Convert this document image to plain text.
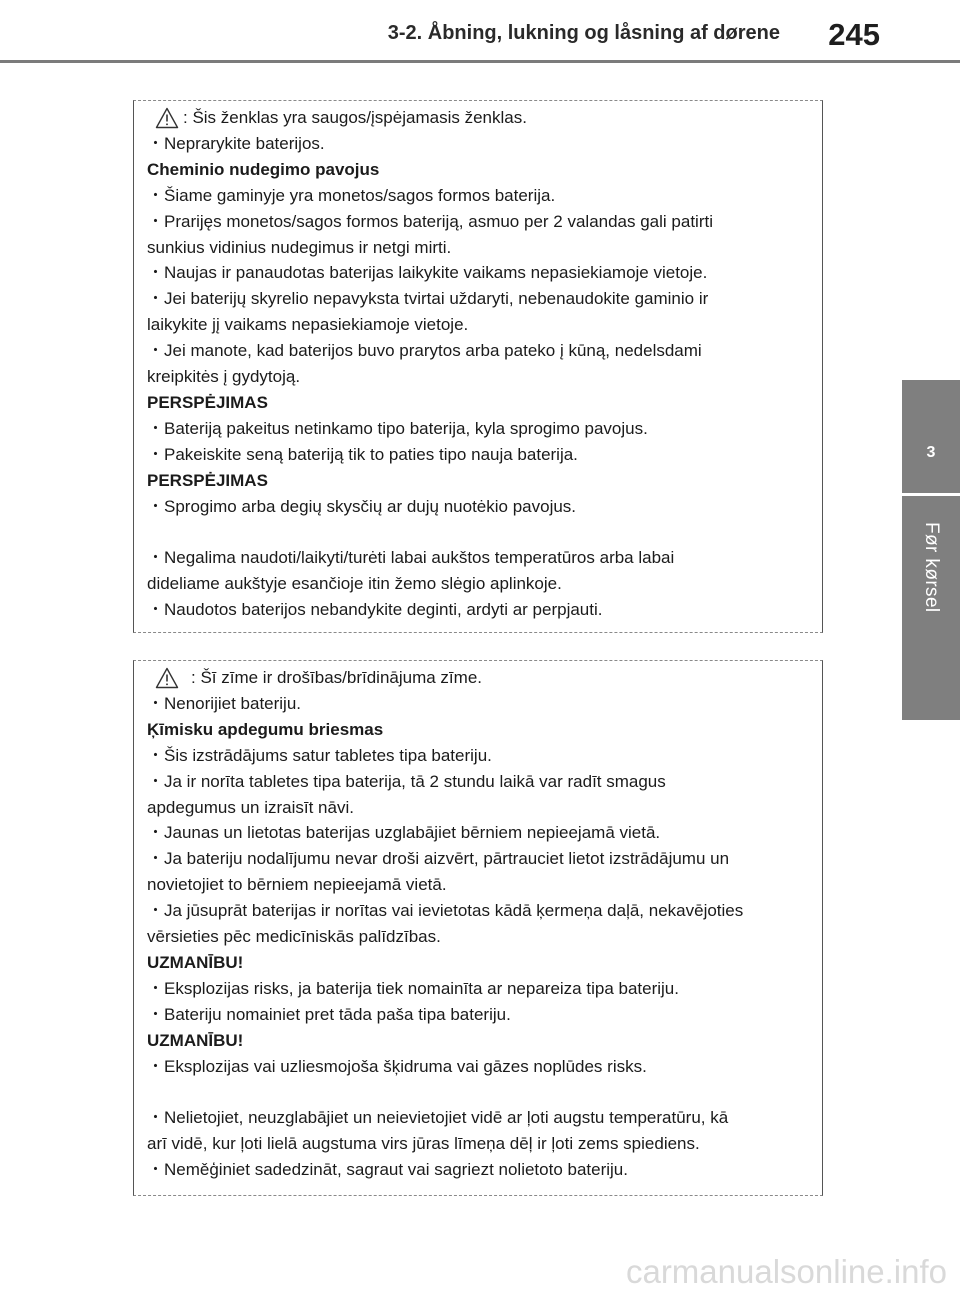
3-2. Åbning, lukning og låsning af dørene 245
3
Før kørsel
: Šis ženklas yra saugos/įspėjamasis ženklas.
・Neprarykite baterijos.
Cheminio nudegimo pavojus
・Šiame gaminyje yra monetos/sagos formos baterija.
・Prarijęs monetos/sagos formos bateriją, asmuo per 2 valandas gali patirti
sunkius vidinius nudegimus ir netgi mirti.
・Naujas ir panaudotas baterijas laikykite vaikams nepasiekiamoje vietoje.
・Jei baterijų skyrelio nepavyksta tvirtai uždaryti, nebenaudokite gaminio ir
laikykite jį vaikams nepasiekiamoje vietoje.
・Jei manote, kad baterijos buvo prarytos arba pateko į kūną, nedelsdami
kreipkitės į gydytoją.
PERSPĖJIMAS
・Bateriją pakeitus netinkamo tipo baterija, kyla sprogimo pavojus.
・Pakeiskite seną bateriją tik to paties tipo nauja baterija.
PERSPĖJIMAS
・Sprogimo arba degių skysčių ar dujų nuotėkio pavojus.
・Negalima naudoti/laikyti/turėti labai aukštos temperatūros arba labai
dideliame aukštyje esančioje itin žemo slėgio aplinkoje.
・Naudotos baterijos nebandykite deginti, ardyti ar perpjauti.
: Šī zīme ir drošības/brīdinājuma zīme.
・Nenorijiet bateriju.
Ķīmisku apdegumu briesmas
・Šis izstrādājums satur tabletes tipa bateriju.
・Ja ir norīta tabletes tipa baterija, tā 2 stundu laikā var radīt smagus
apdegumus un izraisīt nāvi.
・Jaunas un lietotas baterijas uzglabājiet bērniem nepieejamā vietā.
・Ja bateriju nodalījumu nevar droši aizvērt, pārtrauciet lietot izstrādājumu un
novietojiet to bērniem nepieejamā vietā.
・Ja jūsuprāt baterijas ir norītas vai ievietotas kādā ķermeņa daļā, nekavējoties
vērsieties pēc medicīniskās palīdzības.
UZMANĪBU!
・Eksplozijas risks, ja baterija tiek nomainīta ar nepareiza tipa bateriju.
・Bateriju nomainiet pret tāda paša tipa bateriju.
UZMANĪBU!
・Eksplozijas vai uzliesmojoša šķidruma vai gāzes noplūdes risks.
・Nelietojiet, neuzglabājiet un neievietojiet vidē ar ļoti augstu temperatūru, kā
arī vidē, kur ļoti lielā augstuma virs jūras līmeņa dēļ ir ļoti zems spiediens.
・Neměģiniet sadedzināt, sagraut vai sagriezt nolietoto bateriju.
carmanualsonline.info
